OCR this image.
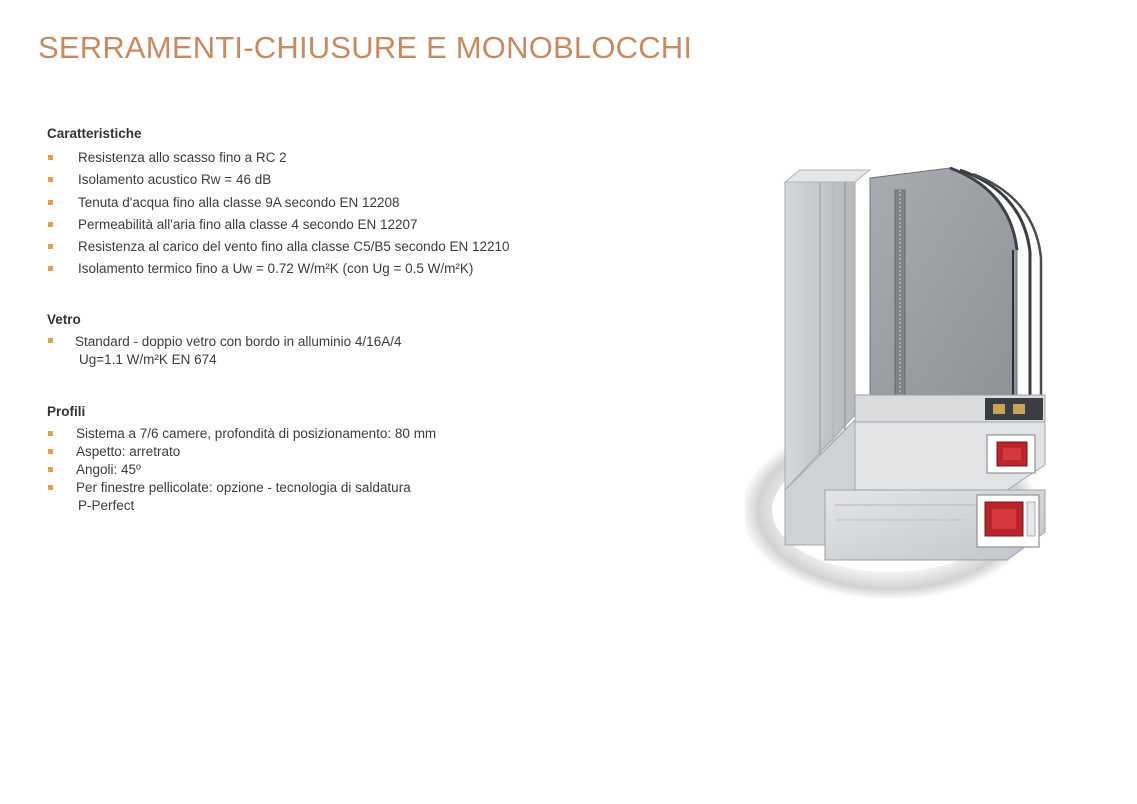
SERRAMENTI-CHIUSURE E MONOBLOCCHI
Caratteristiche
Resistenza allo scasso fino a RC 2
Isolamento acustico Rw = 46 dB
Tenuta d'acqua fino alla classe 9A secondo EN 12208
Permeabilità all'aria fino alla classe 4 secondo EN 12207
Resistenza al carico del vento fino alla classe C5/B5 secondo EN 12210
Isolamento termico fino a Uw = 0.72 W/m²K (con Ug = 0.5 W/m²K)
Vetro
Standard - doppio vetro con bordo in alluminio 4/16A/4
Ug=1.1 W/m²K EN 674
Profili
Sistema a 7/6 camere, profondità di posizionamento: 80 mm
Aspetto: arretrato
Angoli: 45º
Per finestre pellicolate: opzione - tecnologia di saldatura
P-Perfect
